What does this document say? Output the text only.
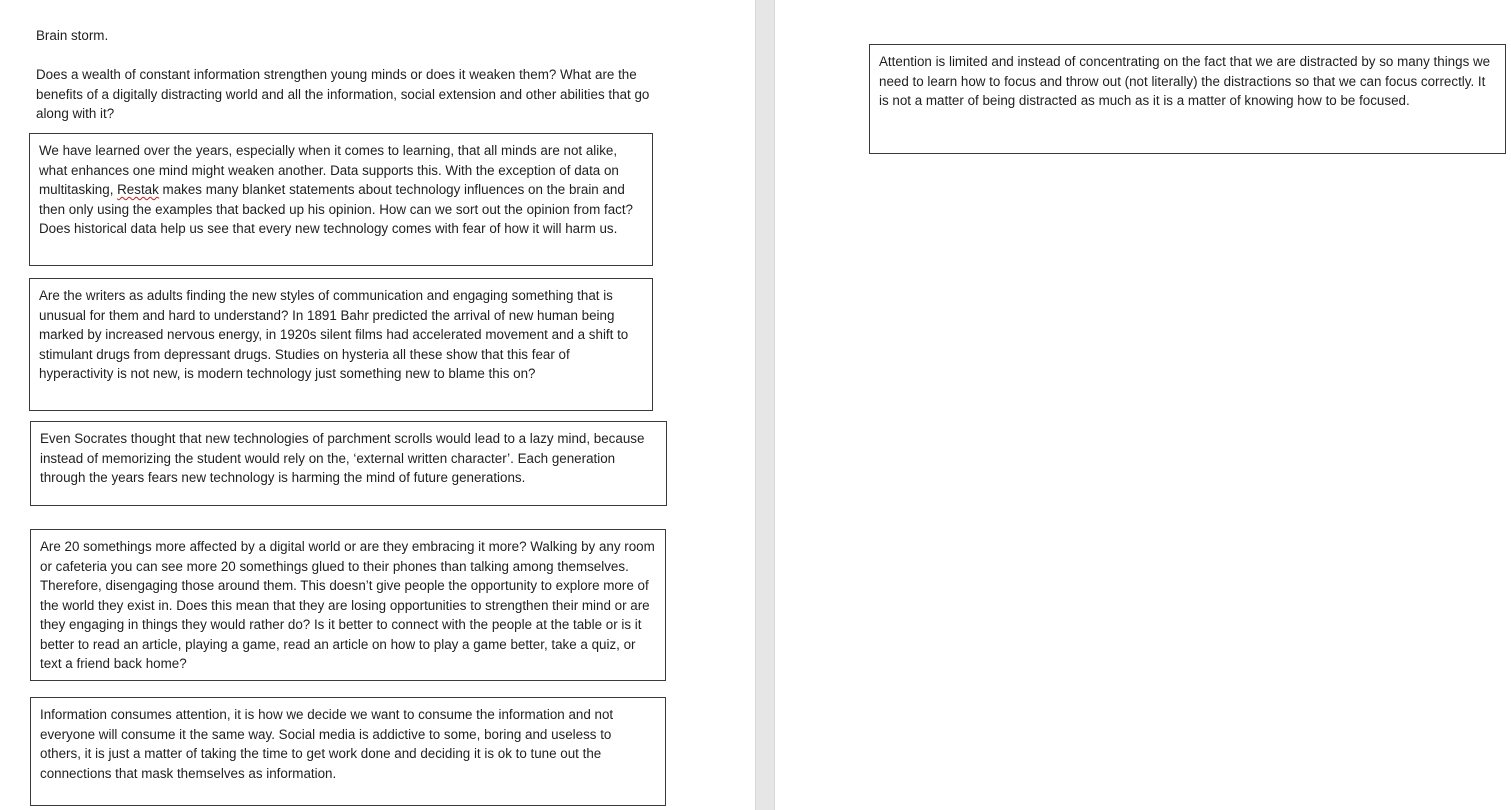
Brain storm.

Does a wealth of constant information strengthen young minds or does it weaken them? What are the benefits of a digitally distracting world and all the information, social extension and other abilities that go along with it?

We have learned over the years, especially when it comes to learning, that all minds are not alike, what enhances one mind might weaken another. Data supports this. With the exception of data on multitasking, Restak makes many blanket statements about technology influences on the brain and then only using the examples that backed up his opinion. How can we sort out the opinion from fact? Does historical data help us see that every new technology comes with fear of how it will harm us.
Are the writers as adults finding the new styles of communication and engaging something that is unusual for them and hard to understand? In 1891 Bahr predicted the arrival of new human being marked by increased nervous energy, in 1920s silent films had accelerated movement and a shift to stimulant drugs from depressant drugs. Studies on hysteria all these show that this fear of hyperactivity is not new, is modern technology just something new to blame this on?
Even Socrates thought that new technologies of parchment scrolls would lead to a lazy mind, because instead of memorizing the student would rely on the, ‘external written character’. Each generation through the years fears new technology is harming the mind of future generations.
Are 20 somethings more affected by a digital world or are they embracing it more? Walking by any room or cafeteria you can see more 20 somethings glued to their phones than talking among themselves. Therefore, disengaging those around them. This doesn’t give people the opportunity to explore more of the world they exist in. Does this mean that they are losing opportunities to strengthen their mind or are they engaging in things they would rather do? Is it better to connect with the people at the table or is it better to read an article, playing a game, read an article on how to play a game better, take a quiz, or text a friend back home?
Information consumes attention, it is how we decide we want to consume the information and not everyone will consume it the same way. Social media is addictive to some, boring and useless to others, it is just a matter of taking the time to get work done and deciding it is ok to tune out the connections that mask themselves as information.
Attention is limited and instead of concentrating on the fact that we are distracted by so many things we need to learn how to focus and throw out (not literally) the distractions so that we can focus correctly. It is not a matter of being distracted as much as it is a matter of knowing how to be focused.
